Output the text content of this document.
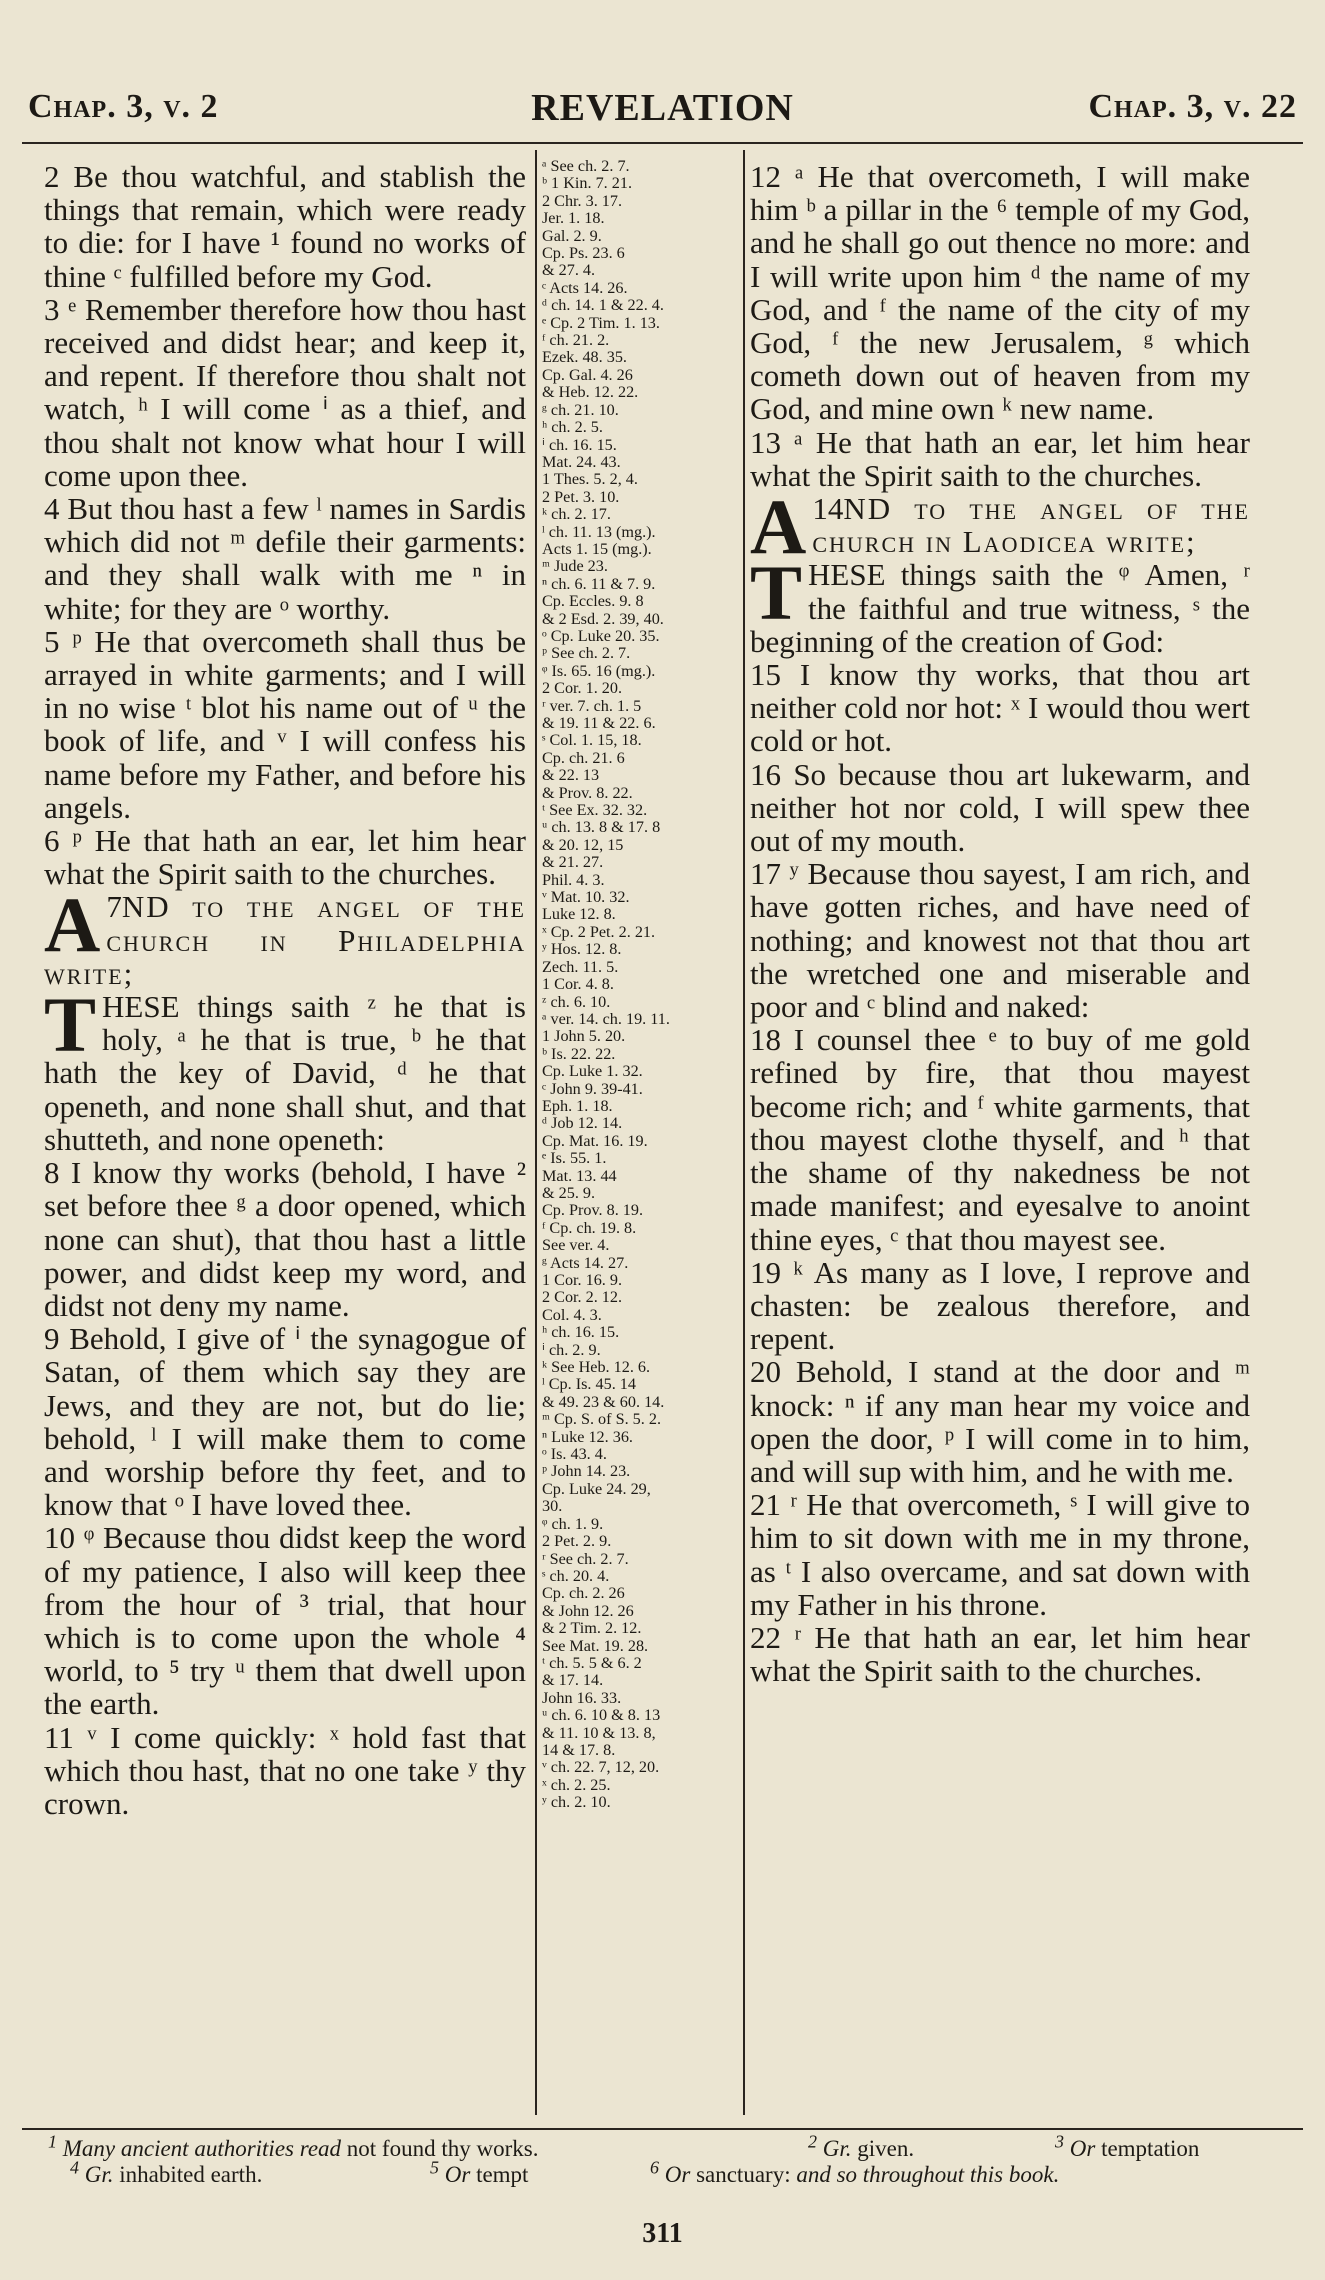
Chap. 3, v. 2	REVELATION	Chap. 3, v. 22

2 Be thou watchful, and stablish the things that remain, which were ready to die: for I have ¹ found no works of thine ᶜ fulfilled before my God.

3 ᵉ Remember therefore how thou hast received and didst hear; and keep it, and repent. If therefore thou shalt not watch, ʰ I will come ⁱ as a thief, and thou shalt not know what hour I will come upon thee.

4 But thou hast a few ˡ names in Sardis which did not ᵐ defile their garments: and they shall walk with me ⁿ in white; for they are ᵒ worthy.

5 ᵖ He that overcometh shall thus be arrayed in white garments; and I will in no wise ᵗ blot his name out of ᵘ the book of life, and ᵛ I will confess his name before my Father, and before his angels.

6 ᵖ He that hath an ear, let him hear what the Spirit saith to the churches.

7
A ND to the angel of the church in Philadelphia write;

THESE things saith ᶻ he that is holy, ᵃ he that is true, ᵇ he that hath the key of David, ᵈ he that openeth, and none shall shut, and that shutteth, and none openeth:

8 I know thy works (behold, I have ² set before thee ᵍ a door opened, which none can shut), that thou hast a little power, and didst keep my word, and didst not deny my name.

9 Behold, I give of ⁱ the synagogue of Satan, of them which say they are Jews, and they are not, but do lie; behold, ˡ I will make them to come and worship before thy feet, and to know that ᵒ I have loved thee.

10 ᵠ Because thou didst keep the word of my patience, I also will keep thee from the hour of ³ trial, that hour which is to come upon the whole ⁴ world, to ⁵ try ᵘ them that dwell upon the earth.

11 ᵛ I come quickly: ˣ hold fast that which thou hast, that no one take ʸ thy crown.

ᵃ See ch. 2. 7.
ᵇ 1 Kin. 7. 21.
2 Chr. 3. 17.
Jer. 1. 18.
Gal. 2. 9.
Cp. Ps. 23. 6
& 27. 4.
ᶜ Acts 14. 26.
ᵈ ch. 14. 1 & 22. 4.
ᵉ Cp. 2 Tim. 1. 13.
ᶠ ch. 21. 2.
Ezek. 48. 35.
Cp. Gal. 4. 26
& Heb. 12. 22.
ᵍ ch. 21. 10.
ʰ ch. 2. 5.
ⁱ ch. 16. 15.
Mat. 24. 43.
1 Thes. 5. 2, 4.
2 Pet. 3. 10.
ᵏ ch. 2. 17.
ˡ ch. 11. 13 (mg.).
Acts 1. 15 (mg.).
ᵐ Jude 23.
ⁿ ch. 6. 11 & 7. 9.
Cp. Eccles. 9. 8
& 2 Esd. 2. 39, 40.
ᵒ Cp. Luke 20. 35.
ᵖ See ch. 2. 7.
ᵠ Is. 65. 16 (mg.).
2 Cor. 1. 20.
ʳ ver. 7. ch. 1. 5
& 19. 11 & 22. 6.
ˢ Col. 1. 15, 18.
Cp. ch. 21. 6
& 22. 13
& Prov. 8. 22.
ᵗ See Ex. 32. 32.
ᵘ ch. 13. 8 & 17. 8
& 20. 12, 15
& 21. 27.
Phil. 4. 3.
ᵛ Mat. 10. 32.
Luke 12. 8.
ˣ Cp. 2 Pet. 2. 21.
ʸ Hos. 12. 8.
Zech. 11. 5.
1 Cor. 4. 8.
ᶻ ch. 6. 10.
ᵃ ver. 14. ch. 19. 11.
1 John 5. 20.
ᵇ Is. 22. 22.
Cp. Luke 1. 32.
ᶜ John 9. 39-41.
Eph. 1. 18.
ᵈ Job 12. 14.
Cp. Mat. 16. 19.
ᵉ Is. 55. 1.
Mat. 13. 44
& 25. 9.
Cp. Prov. 8. 19.
ᶠ Cp. ch. 19. 8.
See ver. 4.
ᵍ Acts 14. 27.
1 Cor. 16. 9.
2 Cor. 2. 12.
Col. 4. 3.
ʰ ch. 16. 15.
ⁱ ch. 2. 9.
ᵏ See Heb. 12. 6.
ˡ Cp. Is. 45. 14
& 49. 23 & 60. 14.
ᵐ Cp. S. of S. 5. 2.
ⁿ Luke 12. 36.
ᵒ Is. 43. 4.
ᵖ John 14. 23.
Cp. Luke 24. 29,
30.
ᵠ ch. 1. 9.
2 Pet. 2. 9.
ʳ See ch. 2. 7.
ˢ ch. 20. 4.
Cp. ch. 2. 26
& John 12. 26
& 2 Tim. 2. 12.
See Mat. 19. 28.
ᵗ ch. 5. 5 & 6. 2
& 17. 14.
John 16. 33.
ᵘ ch. 6. 10 & 8. 13
& 11. 10 & 13. 8,
14 & 17. 8.
ᵛ ch. 22. 7, 12, 20.
ˣ ch. 2. 25.
ʸ ch. 2. 10.

12 ᵃ He that overcometh, I will make him ᵇ a pillar in the ⁶ temple of my God, and he shall go out thence no more: and I will write upon him ᵈ the name of my God, and ᶠ the name of the city of my God, ᶠ the new Jerusalem, ᵍ which cometh down out of heaven from my God, and mine own ᵏ new name.

13 ᵃ He that hath an ear, let him hear what the Spirit saith to the churches.

14
A ND to the angel of the church in Laodicea write;

THESE things saith the ᵠ Amen, ʳ the faithful and true witness, ˢ the beginning of the creation of God:

15 I know thy works, that thou art neither cold nor hot: ˣ I would thou wert cold or hot.

16 So because thou art lukewarm, and neither hot nor cold, I will spew thee out of my mouth.

17 ʸ Because thou sayest, I am rich, and have gotten riches, and have need of nothing; and knowest not that thou art the wretched one and miserable and poor and ᶜ blind and naked:

18 I counsel thee ᵉ to buy of me gold refined by fire, that thou mayest become rich; and ᶠ white garments, that thou mayest clothe thyself, and ʰ that the shame of thy nakedness be not made manifest; and eyesalve to anoint thine eyes, ᶜ that thou mayest see.

19 ᵏ As many as I love, I reprove and chasten: be zealous therefore, and repent.

20 Behold, I stand at the door and ᵐ knock: ⁿ if any man hear my voice and open the door, ᵖ I will come in to him, and will sup with him, and he with me.

21 ʳ He that overcometh, ˢ I will give to him to sit down with me in my throne, as ᵗ I also overcame, and sat down with my Father in his throne.

22 ʳ He that hath an ear, let him hear what the Spirit saith to the churches.

$^1$ Many ancient authorities read not found thy works.	$^2$ Gr. given.	$^3$ Or temptation
$^4$ Gr. inhabited earth.	$^5$ Or tempt	$^6$ Or sanctuary: and so throughout this book.
311
